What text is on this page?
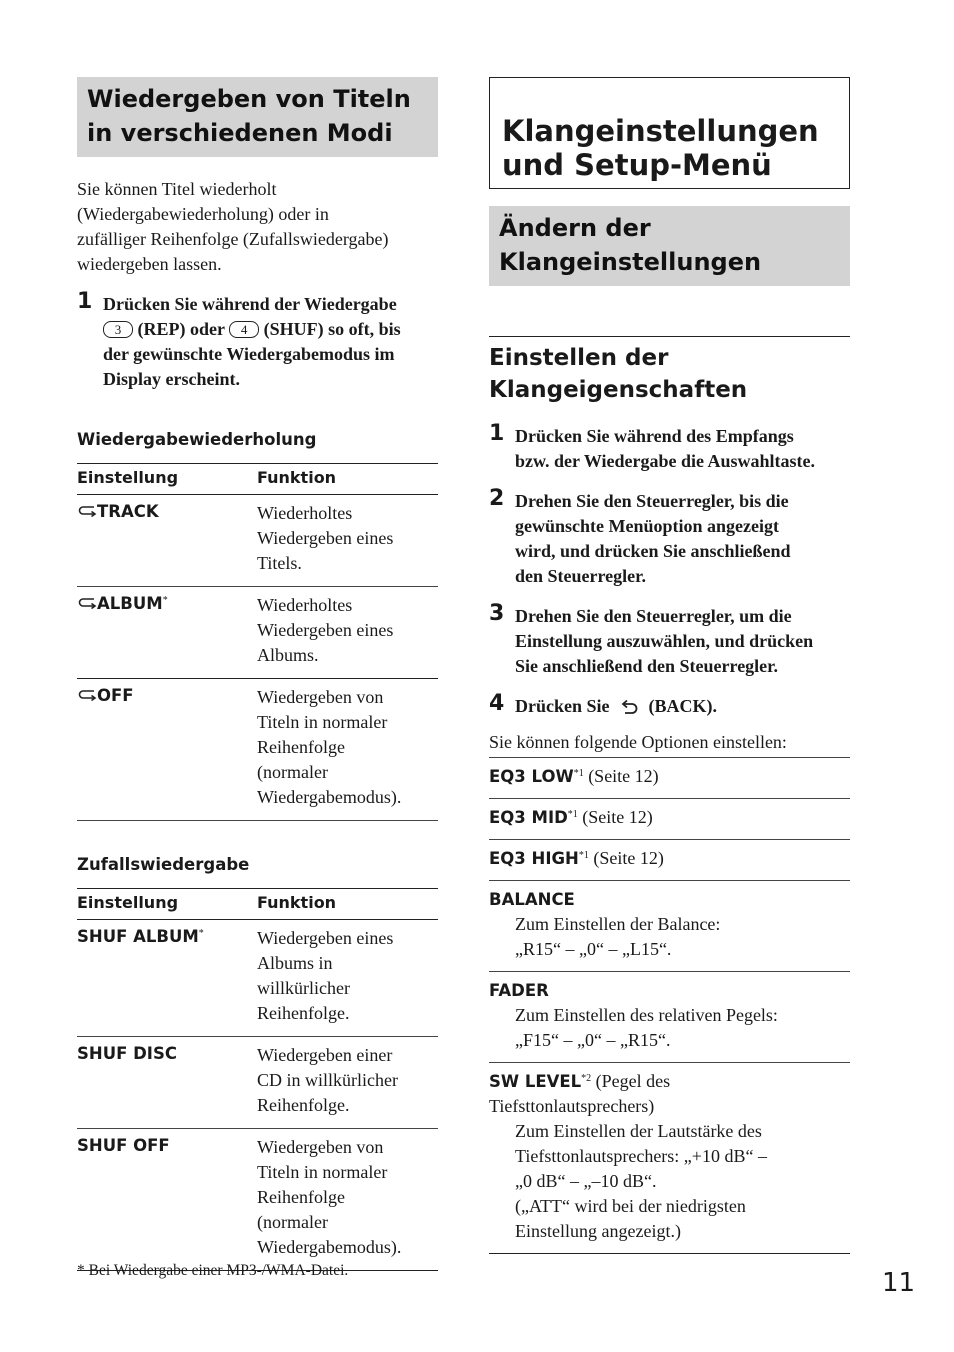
Wiedergeben von Titeln
in verschiedenen Modi
Sie können Titel wiederholt
(Wiedergabewiederholung) oder in
zufälliger Reihenfolge (Zufallswiedergabe)
wiedergeben lassen.
1 Drücken Sie während der Wiedergabe
3 (REP) oder 4 (SHUF) so oft, bis
der gewünschte Wiedergabemodus im
Display erscheint.
Wiedergabewiederholung
Einstellung	Funktion
TRACK	Wiederholtes
Wiedergeben eines
Titels.

ALBUM*	Wiederholtes
Wiedergeben eines
Albums.

OFF	Wiedergeben von
Titeln in normaler
Reihenfolge
(normaler
Wiedergabemodus).
Zufallswiedergabe
Einstellung	Funktion
SHUF ALBUM*	Wiedergeben eines
Albums in
willkürlicher
Reihenfolge.

SHUF DISC	Wiedergeben einer
CD in willkürlicher
Reihenfolge.

SHUF OFF	Wiedergeben von
Titeln in normaler
Reihenfolge
(normaler
Wiedergabemodus).
* Bei Wiedergabe einer MP3-/WMA-Datei.
Klangeinstellungen
und Setup-Menü
Ändern der
Klangeinstellungen
Einstellen der
Klangeigenschaften
1 Drücken Sie während des Empfangs
bzw. der Wiedergabe die Auswahltaste.
2 Drehen Sie den Steuerregler, bis die
gewünschte Menüoption angezeigt
wird, und drücken Sie anschließend
den Steuerregler.
3 Drehen Sie den Steuerregler, um die
Einstellung auszuwählen, und drücken
Sie anschließend den Steuerregler.
4 Drücken Sie (BACK).
Sie können folgende Optionen einstellen:
EQ3 LOW$^{*1}$ (Seite 12)
EQ3 MID$^{*1}$ (Seite 12)
EQ3 HIGH$^{*1}$ (Seite 12)
BALANCE
Zum Einstellen der Balance:
„R15“ – „0“ – „L15“.
FADER
Zum Einstellen des relativen Pegels:
„F15“ – „0“ – „R15“.
SW LEVEL$^{*2}$ (Pegel des
Tiefsttonlautsprechers)
Zum Einstellen der Lautstärke des
Tiefsttonlautsprechers: „+10 dB“ –
„0 dB“ – „–10 dB“.
(„ATT“ wird bei der niedrigsten
Einstellung angezeigt.)
11
